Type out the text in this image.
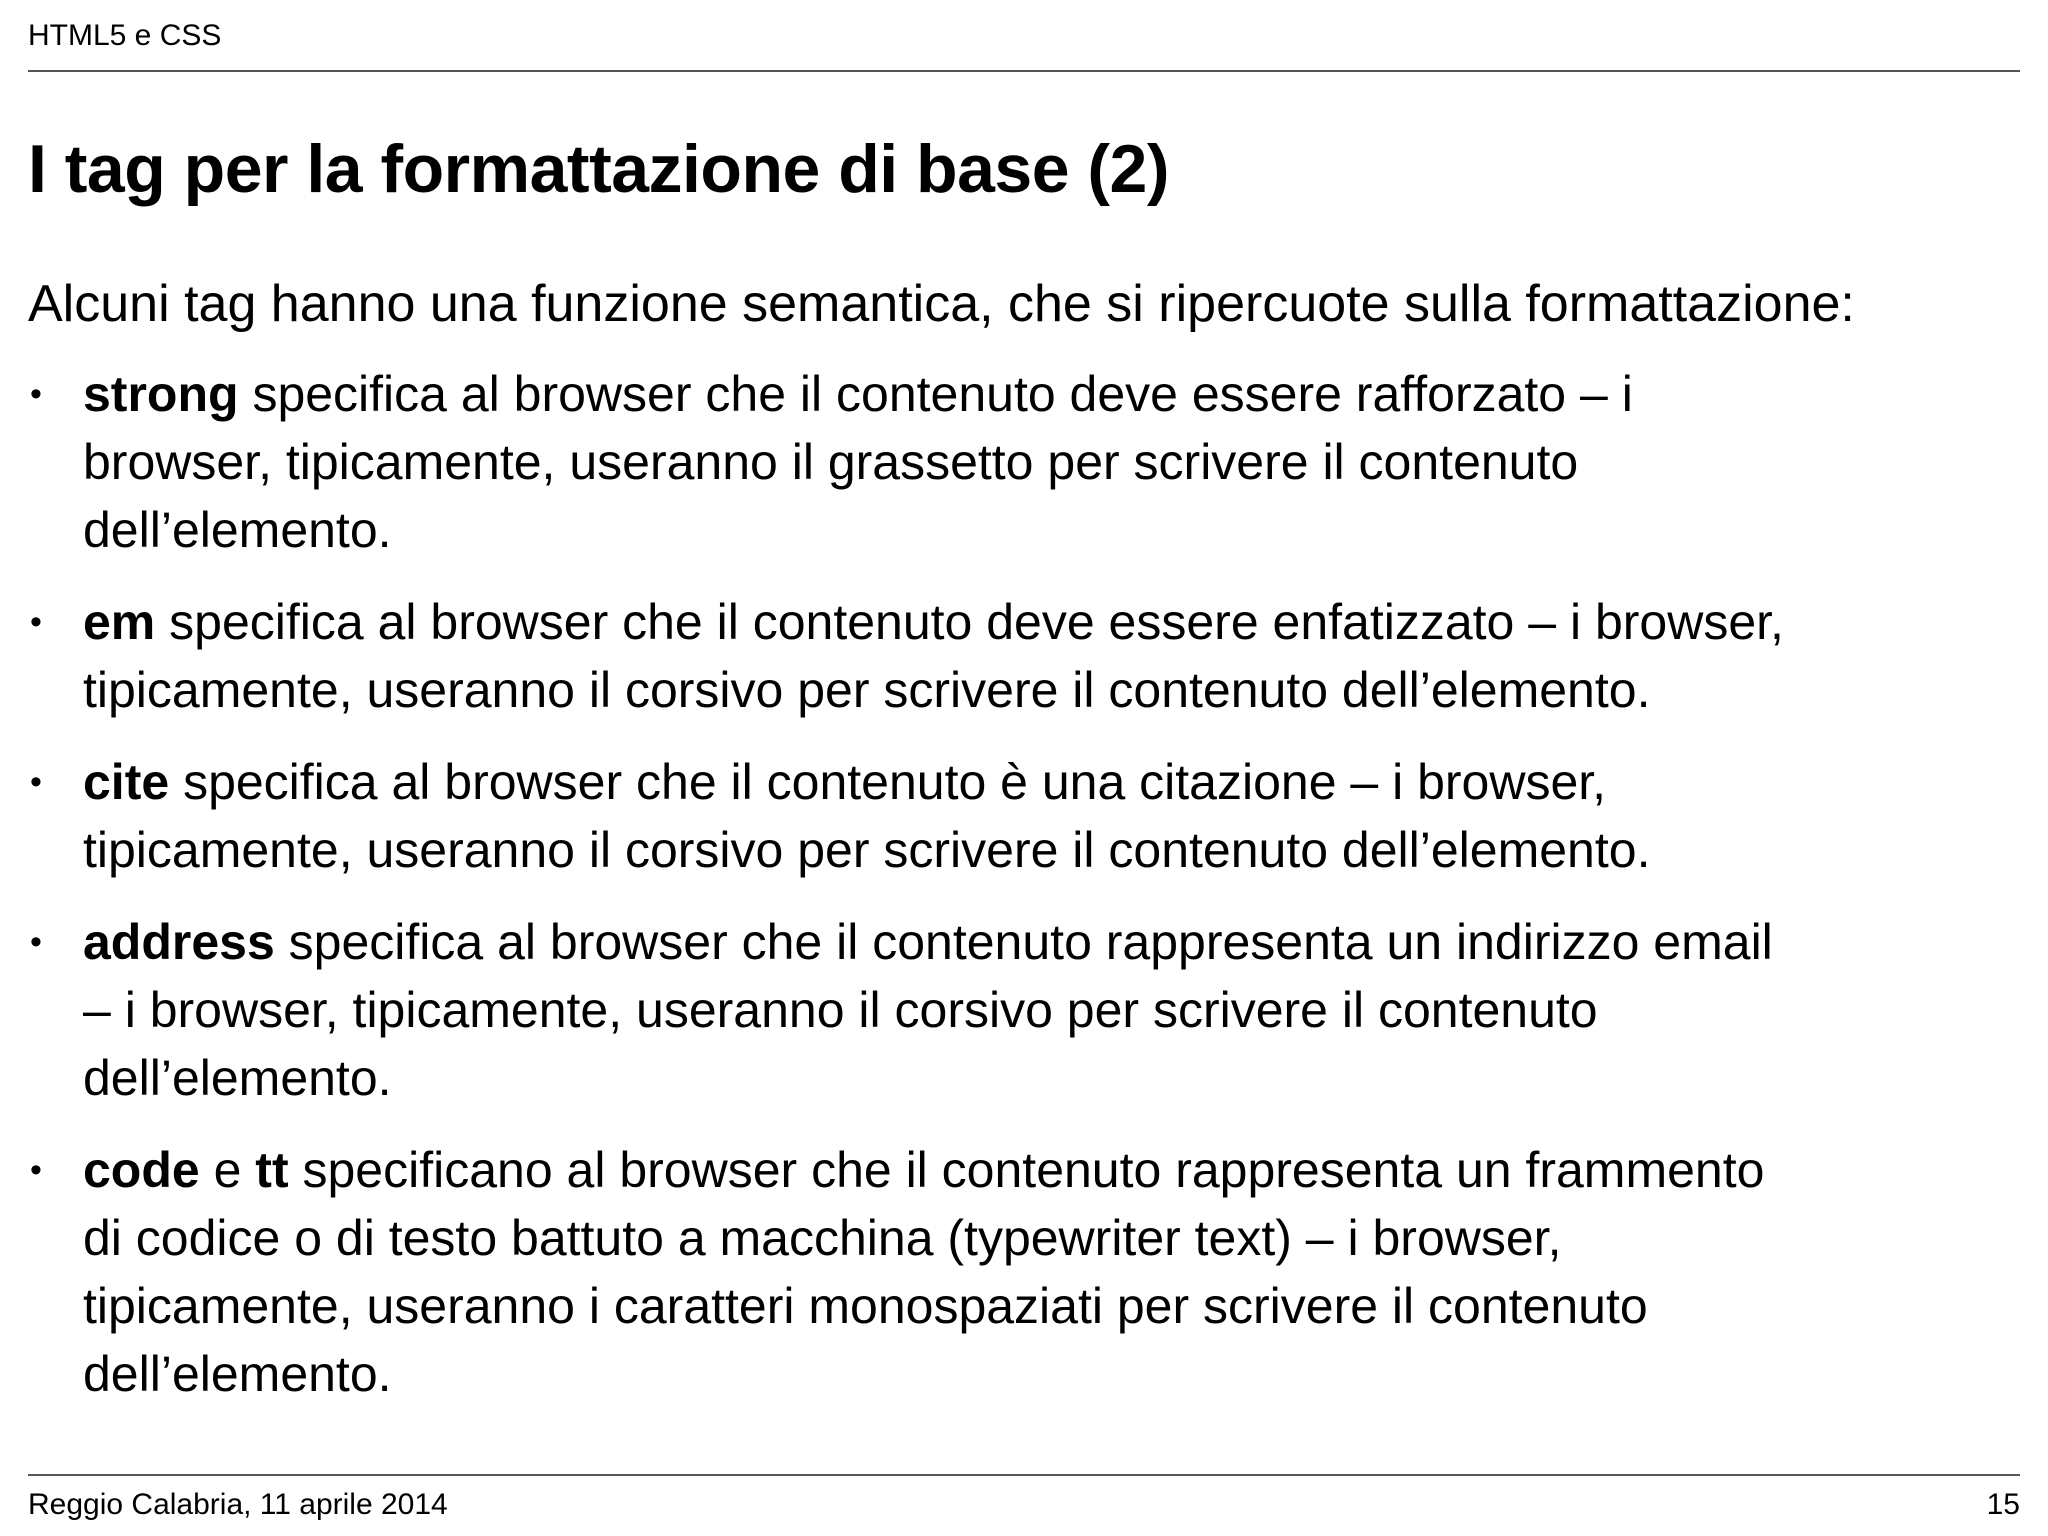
HTML5 e CSS
I tag per la formattazione di base (2)

Alcuni tag hanno una funzione semantica, che si ripercuote sulla formattazione:

• strong specifica al browser che il contenuto deve essere rafforzato – i
browser, tipicamente, useranno il grassetto per scrivere il contenuto
dell’elemento.
• em specifica al browser che il contenuto deve essere enfatizzato – i browser,
tipicamente, useranno il corsivo per scrivere il contenuto dell’elemento.
• cite specifica al browser che il contenuto è una citazione – i browser,
tipicamente, useranno il corsivo per scrivere il contenuto dell’elemento.
• address specifica al browser che il contenuto rappresenta un indirizzo email
– i browser, tipicamente, useranno il corsivo per scrivere il contenuto
dell’elemento.
• code e tt specificano al browser che il contenuto rappresenta un frammento
di codice o di testo battuto a macchina (typewriter text) – i browser,
tipicamente, useranno i caratteri monospaziati per scrivere il contenuto
dell’elemento.
Reggio Calabria, 11 aprile 2014	15
